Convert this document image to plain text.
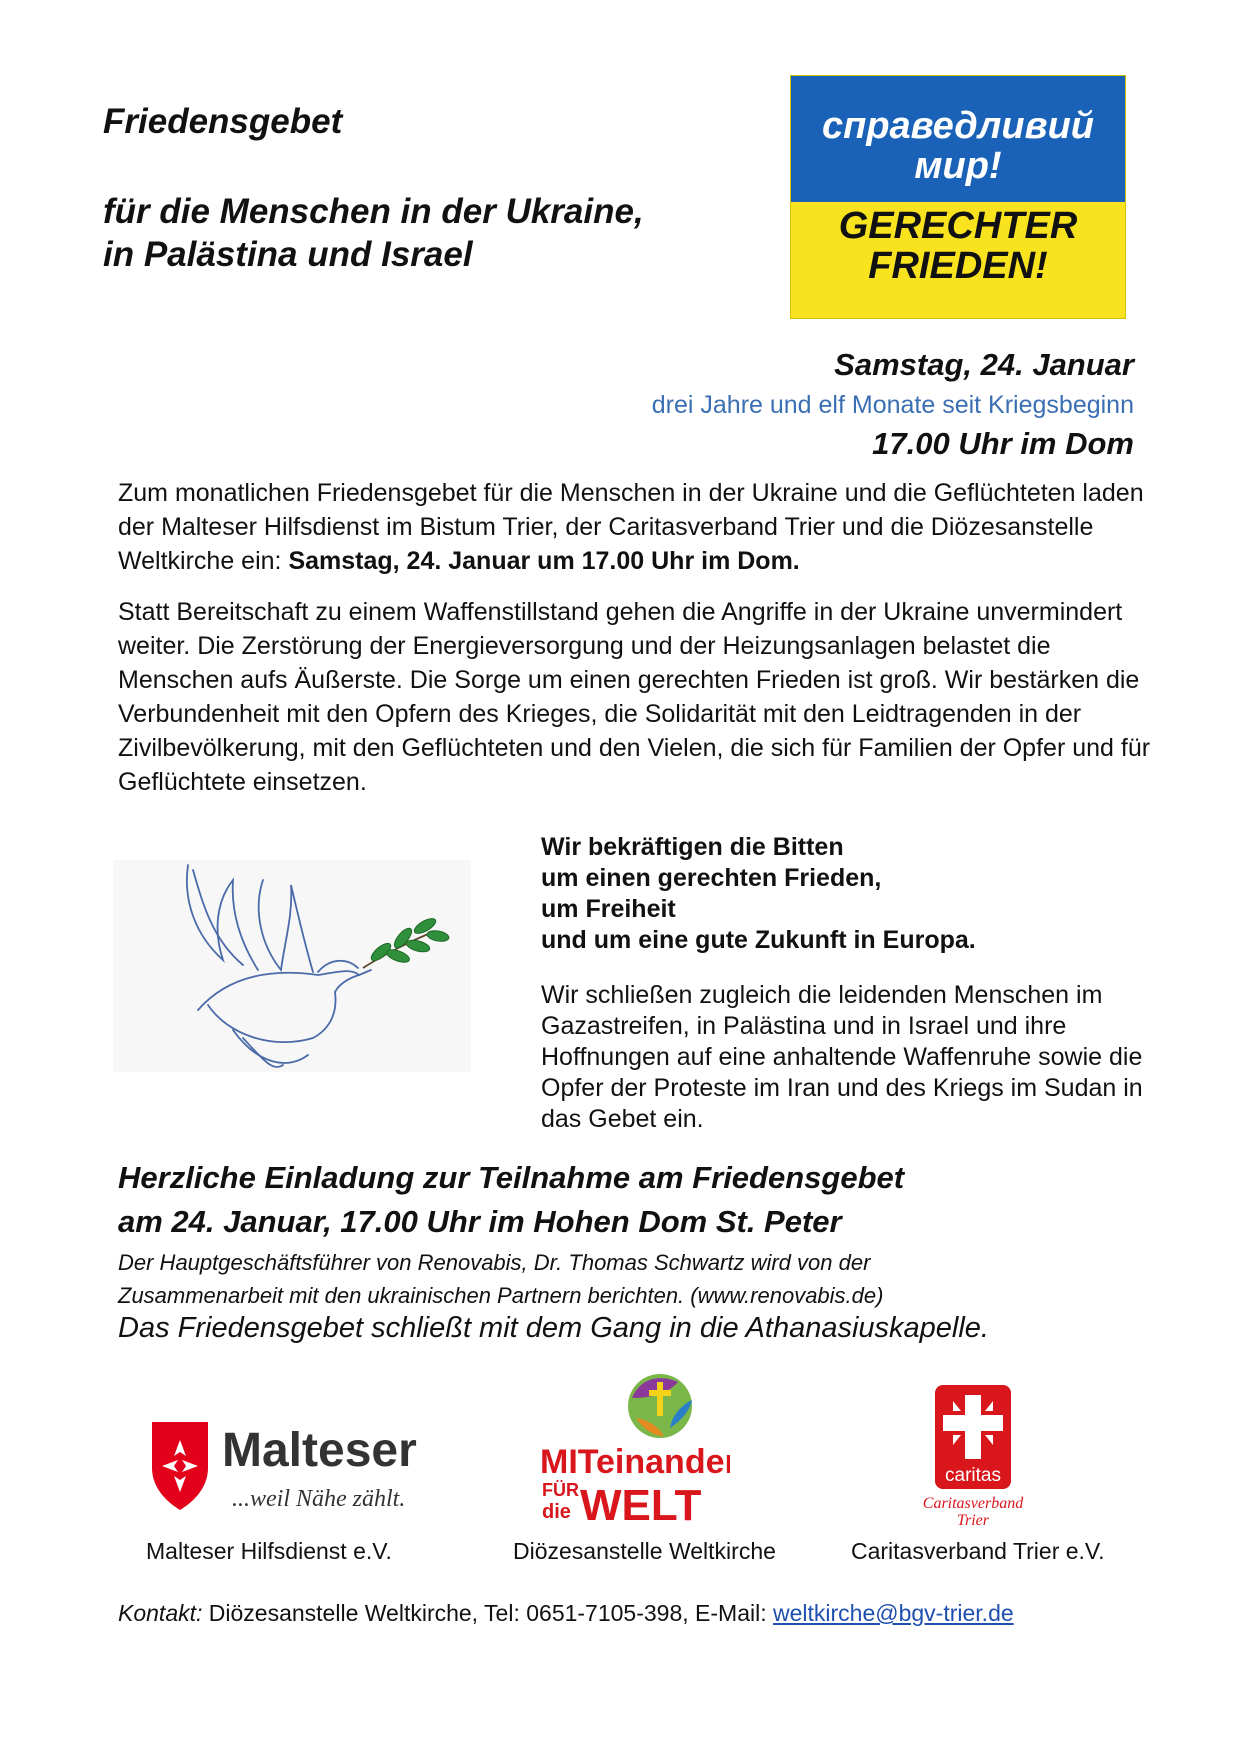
Friedensgebet
für die Menschen in der Ukraine,
in Palästina und Israel
справедливий
мир!
GERECHTER
FRIEDEN!
Samstag, 24. Januar
drei Jahre und elf Monate seit Kriegsbeginn
17.00 Uhr im Dom
Zum monatlichen Friedensgebet für die Menschen in der Ukraine und die Geflüchteten laden der Malteser Hilfsdienst im Bistum Trier, der Caritasverband Trier und die Diözesanstelle Weltkirche ein: Samstag, 24. Januar um 17.00 Uhr im Dom.
Statt Bereitschaft zu einem Waffenstillstand gehen die Angriffe in der Ukraine unvermindert weiter. Die Zerstörung der Energieversorgung und der Heizungsanlagen belastet die Menschen aufs Äußerste. Die Sorge um einen gerechten Frieden ist groß. Wir bestärken die Verbundenheit mit den Opfern des Krieges, die Solidarität mit den Leidtragenden in der Zivilbevölkerung, mit den Geflüchteten und den Vielen, die sich für Familien der Opfer und für Geflüchtete einsetzen.
Wir bekräftigen die Bitten
um einen gerechten Frieden,
um Freiheit
und um eine gute Zukunft in Europa.
Wir schließen zugleich die leidenden Menschen im Gazastreifen, in Palästina und in Israel und ihre Hoffnungen auf eine anhaltende Waffenruhe sowie die Opfer der Proteste im Iran und des Kriegs im Sudan in das Gebet ein.
Herzliche Einladung zur Teilnahme am Friedensgebet
am 24. Januar, 17.00 Uhr im Hohen Dom St. Peter
Der Hauptgeschäftsführer von Renovabis, Dr. Thomas Schwartz wird von der
Zusammenarbeit mit den ukrainischen Partnern berichten. (www.renovabis.de)
Das Friedensgebet schließt mit dem Gang in die Athanasiuskapelle.
Malteser
...weil Nähe zählt.
MITeinander
FÜR
die WELT
caritas
Caritasverband
Trier
Malteser Hilfsdienst e.V.	Diözesanstelle Weltkirche	Caritasverband Trier e.V.
Kontakt: Diözesanstelle Weltkirche, Tel: 0651-7105-398, E-Mail: weltkirche@bgv-trier.de
